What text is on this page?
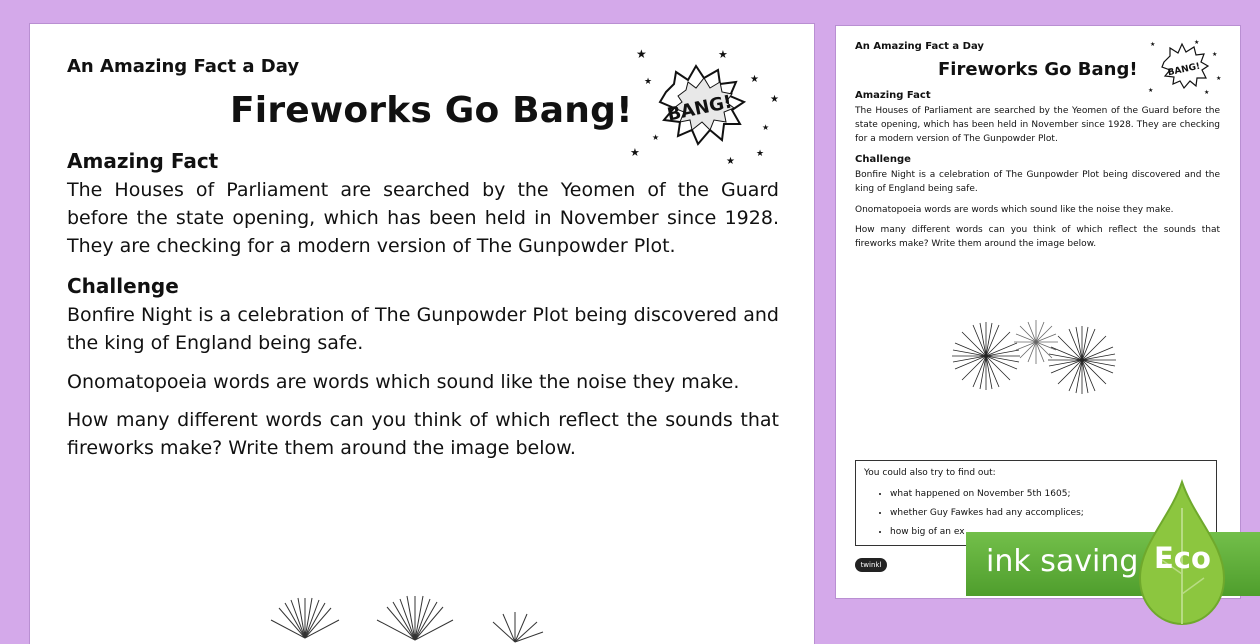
An Amazing Fact a Day
Fireworks Go Bang! BANG!
★	★
★
★
★
★
★
★
★
★
Amazing Fact

The Houses of Parliament are searched by the Yeomen of the Guard before the state opening, which has been held in November since 1928. They are checking for a modern version of The Gunpowder Plot.

Challenge

Bonfire Night is a celebration of The Gunpowder Plot being discovered and the king of England being safe.

Onomatopoeia words are words which sound like the noise they make.

How many different words can you think of which reflect the sounds that fireworks make? Write them around the image below.

An Amazing Fact a Day
Fireworks Go Bang!	BANG!
★	★
★
★	★
★
Amazing Fact

The Houses of Parliament are searched by the Yeomen of the Guard before the state opening, which has been held in November since 1928. They are checking for a modern version of The Gunpowder Plot.

Challenge

Bonfire Night is a celebration of The Gunpowder Plot being discovered and the king of England being safe.

Onomatopoeia words are words which sound like the noise they make.

How many different words can you think of which reflect the sounds that fireworks make? Write them around the image below.

You could also try to find out:
• what happened on November 5th 1605;
• whether Guy Fawkes had any accomplices;
• how big of an ex
twinkl	ink saving Eco
